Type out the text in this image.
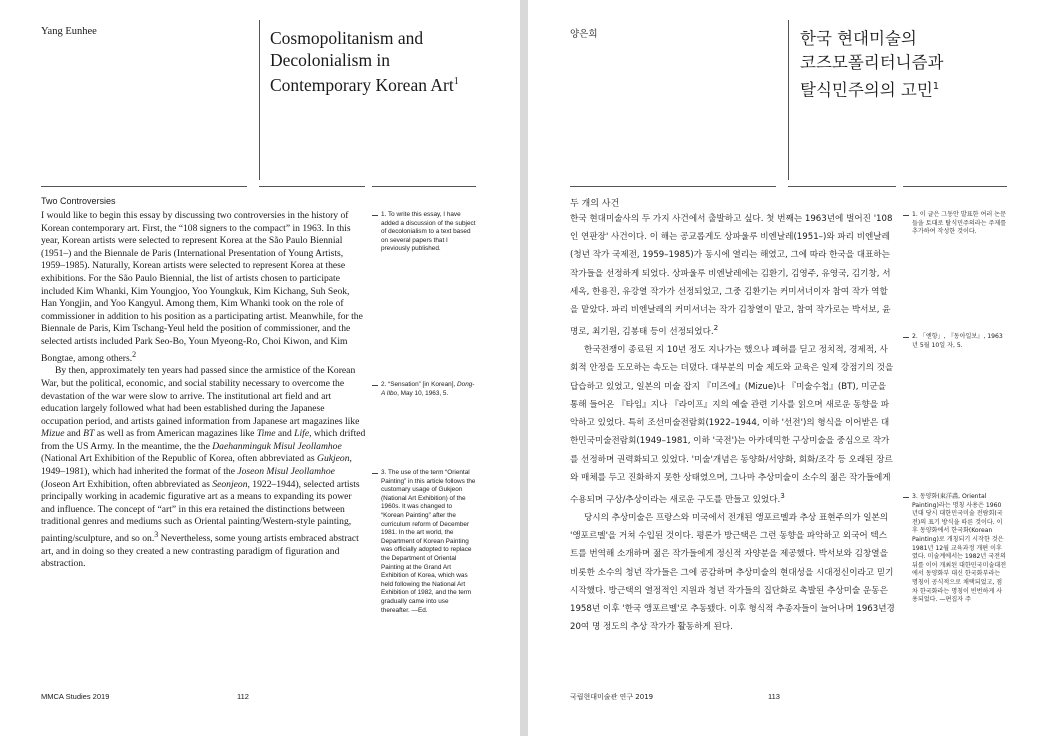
Yang Eunhee	Cosmopolitanism and
Decolonialism in
Contemporary Korean Art$^1$
Two Controversies

I would like to begin this essay by discussing two controversies in the history of Korean contemporary art. First, the “108 signers to the compact” in 1963. In this year, Korean artists were selected to represent Korea at the São Paulo Biennial (1951–) and the Biennale de Paris (International Presentation of Young Artists, 1959–1985). Naturally, Korean artists were selected to represent Korea at these exhibitions. For the São Paulo Biennial, the list of artists chosen to participate included Kim Whanki, Kim Youngjoo, Yoo Youngkuk, Kim Kichang, Suh Seok, Han Yongjin, and Yoo Kangyul. Among them, Kim Whanki took on the role of commissioner in addition to his position as a participating artist. Meanwhile, for the Biennale de Paris, Kim Tschang-Yeul held the position of commissioner, and the selected artists included Park Seo-Bo, Youn Myeong-Ro, Choi Kiwon, and Kim Bongtae, among others.$^2$

By then, approximately ten years had passed since the armistice of the Korean War, but the political, economic, and social stability necessary to overcome the devastation of the war were slow to arrive. The institutional art field and art education largely followed what had been established during the Japanese occupation period, and artists gained information from Japanese art magazines like Mizue and BT as well as from American magazines like Time and Life, which drifted from the US Army. In the meantime, the the Daehanminguk Misul Jeollamhoe (National Art Exhibition of the Republic of Korea, often abbreviated as Gukjeon, 1949–1981), which had inherited the format of the Joseon Misul Jeollamhoe (Joseon Art Exhibition, often abbreviated as Seonjeon, 1922–1944), selected artists principally working in academic figurative art as a means to expanding its power and influence. The concept of “art” in this era retained the distinctions between traditional genres and mediums such as Oriental painting/Western-style painting, painting/sculpture, and so on.$^3$ Nevertheless, some young artists embraced abstract art, and in doing so they created a new contrasting paradigm of figuration and abstraction.

1. To write this essay, I have added a discussion of the subject of decolonialism to a text based on several papers that I previously published.
2. “Sensation” [in Korean], Dong-A Ilbo, May 10, 1963, 5.
3. The use of the term “Oriental Painting” in this article follows the customary usage of Gukjeon (National Art Exhibition) of the 1960s. It was changed to “Korean Painting” after the curriculum reform of December 1981. In the art world, the Department of Korean Painting was officially adopted to replace the Department of Oriental Painting at the Grand Art Exhibition of Korea, which was held following the National Art Exhibition of 1982, and the term gradually came into use thereafter. —Ed.
MMCA Studies 2019	112
양은희	한국 현대미술의
코즈모폴리터니즘과
탈식민주의의 고민$^1$
두 개의 사건

한국 현대미술사의 두 가지 사건에서 출발하고 싶다. 첫 번째는 1963년에 벌어진 '108인 연판장' 사건이다. 이 해는 공교롭게도 상파울루 비엔날레(1951–)와 파리 비엔날레(청년 작가 국제전, 1959–1985)가 동시에 열리는 해였고, 그에 따라 한국을 대표하는 작가들을 선정하게 되었다. 상파울루 비엔날레에는 김환기, 김영주, 유영국, 김기창, 서세옥, 한용진, 유강열 작가가 선정되었고, 그중 김환기는 커미셔너이자 참여 작가 역할을 맡았다. 파리 비엔날레의 커미셔너는 작가 김창열이 맡고, 참여 작가로는 박서보, 윤명로, 최기원, 김봉태 등이 선정되었다.$^2$

한국전쟁이 종료된 지 10년 정도 지나가는 했으나 폐허를 딛고 정치적, 경제적, 사회적 안정을 도모하는 속도는 더뎠다. 대부분의 미술 제도와 교육은 일제 강점기의 것을 답습하고 있었고, 일본의 미술 잡지 『미즈에』(Mizue)나 『미술수첩』(BT), 미군을 통해 들어온 『타임』지나 『라이프』지의 예술 관련 기사를 읽으며 새로운 동향을 파악하고 있었다. 특히 조선미술전람회(1922–1944, 이하 '선전')의 형식을 이어받은 대한민국미술전람회(1949–1981, 이하 '국전')는 아카데믹한 구상미술을 중심으로 작가를 선정하며 권력화되고 있었다. '미술'개념은 동양화/서양화, 회화/조각 등 오래된 장르와 매체를 두고 진화하지 못한 상태였으며, 그나마 추상미술이 소수의 젊은 작가들에게 수용되며 구상/추상이라는 새로운 구도를 만들고 있었다.$^3$

당시의 추상미술은 프랑스와 미국에서 전개된 앵포르멜과 추상 표현주의가 일본의 '앵포르멜'을 거쳐 수입된 것이다. 평론가 방근택은 그런 동향을 파악하고 외국어 텍스트를 번역해 소개하며 젊은 작가들에게 정신적 자양분을 제공했다. 박서보와 김창열을 비롯한 소수의 청년 작가들은 그에 공감하며 추상미술의 현대성을 시대정신이라고 믿기 시작했다. 방근택의 열정적인 지원과 청년 작가들의 집단화로 촉발된 추상미술 운동은 1958년 이후 '한국 앵포르멜'로 추동됐다. 이후 형식적 추종자들이 늘어나며 1963년경 20여 명 정도의 추상 작가가 활동하게 된다.

1. 이 글은 그동안 발표한 여러 논문들을 토대로 탈식민주의라는 주제를 추가하여 작성한 것이다.
2. 「엔항」, 『동아일보』, 1963년 5월 10일 자, 5.
3. 동양화(東洋畵, Oriental Painting)라는 명칭 사용은 1960년대 당시 대한민국미술 전람회(국전)의 표기 방식을 따른 것이다. 이후 동양화에서 한국화(Korean Painting)로 개칭되기 시작한 것은 1981년 12월 교육과정 개편 이후였다. 미술계에서는 1982년 국전의 뒤를 이어 개최된 대한민국미술대전에서 동양화부 대신 한국화부라는 명칭이 공식적으로 채택되었고, 점차 한국화라는 명칭이 빈번하게 사용되었다. —편집자 주
국립현대미술관 연구 2019	113
